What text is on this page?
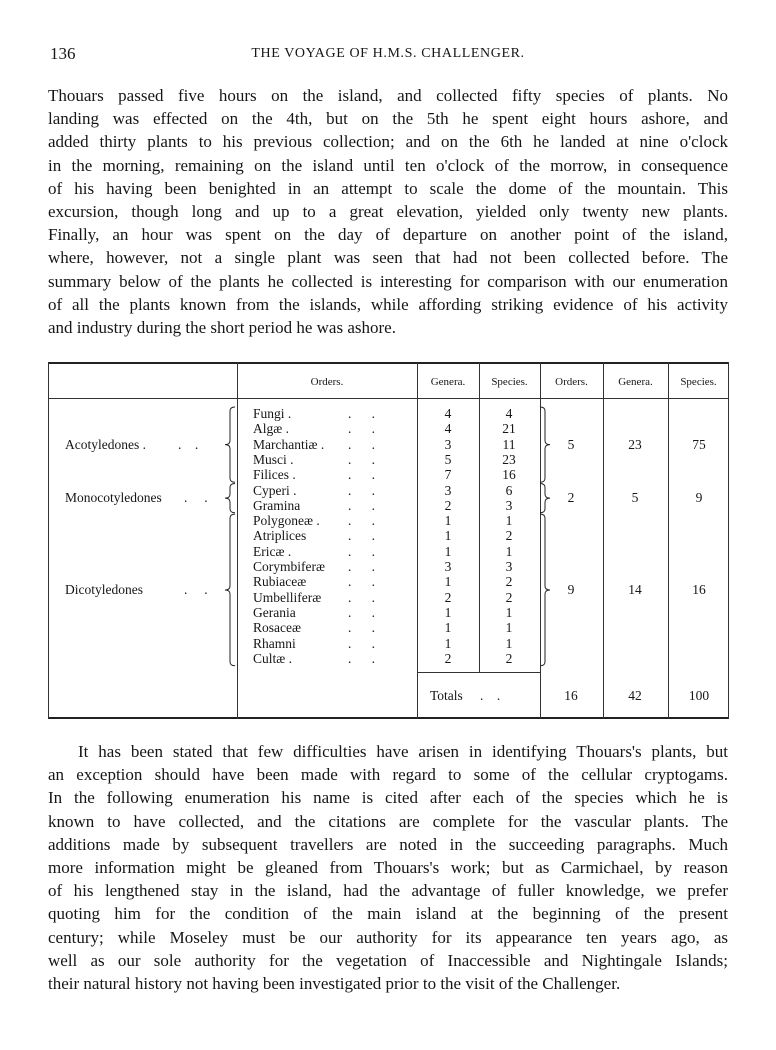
136	THE VOYAGE OF H.M.S. CHALLENGER.
Thouars passed five hours on the island, and collected fifty species of plants. No
landing was effected on the 4th, but on the 5th he spent eight hours ashore, and
added thirty plants to his previous collection; and on the 6th he landed at nine o'clock
in the morning, remaining on the island until ten o'clock of the morrow, in consequence
of his having been benighted in an attempt to scale the dome of the mountain. This
excursion, though long and up to a great elevation, yielded only twenty new plants.
Finally, an hour was spent on the day of departure on another point of the island,
where, however, not a single plant was seen that had not been collected before. The
summary below of the plants he collected is interesting for comparison with our enumeration
of all the plants known from the islands, while affording striking evidence of his activity
and industry during the short period he was ashore.
Orders.	Genera.	Species.	Orders.	Genera.	Species.
Fungi .	.      .	4	4
Algæ .	.      .	4	21
Marchantiæ . .      .	3	11
Musci .	.      .	5	23
Filices .	.      .	7	16
Cyperi .	.      .	3	6
Gramina	.      .	2	3
Polygoneæ . .      .	1	1
Atriplices	.      .	1	2
Ericæ .	.      .	1	1
Corymbiferæ .      .	3	3
Rubiaceæ	.      .	1	2
Umbelliferæ .      .	2	2
Gerania	.      .	1	1
Rosaceæ	.      .	1	1
Rhamni	.      .	1	1
Cultæ .	.      .	2	2
Acotyledones . .    .	5	23	75
Monocotyledones .     .	2	5	9
Dicotyledones	.     .	9	14	16
Totals .    .	16	42	100
It has been stated that few difficulties have arisen in identifying Thouars's plants, but
an exception should have been made with regard to some of the cellular cryptogams.
In the following enumeration his name is cited after each of the species which he is
known to have collected, and the citations are complete for the vascular plants. The
additions made by subsequent travellers are noted in the succeeding paragraphs. Much
more information might be gleaned from Thouars's work; but as Carmichael, by reason
of his lengthened stay in the island, had the advantage of fuller knowledge, we prefer
quoting him for the condition of the main island at the beginning of the present
century; while Moseley must be our authority for its appearance ten years ago, as
well as our sole authority for the vegetation of Inaccessible and Nightingale Islands;
their natural history not having been investigated prior to the visit of the Challenger.
